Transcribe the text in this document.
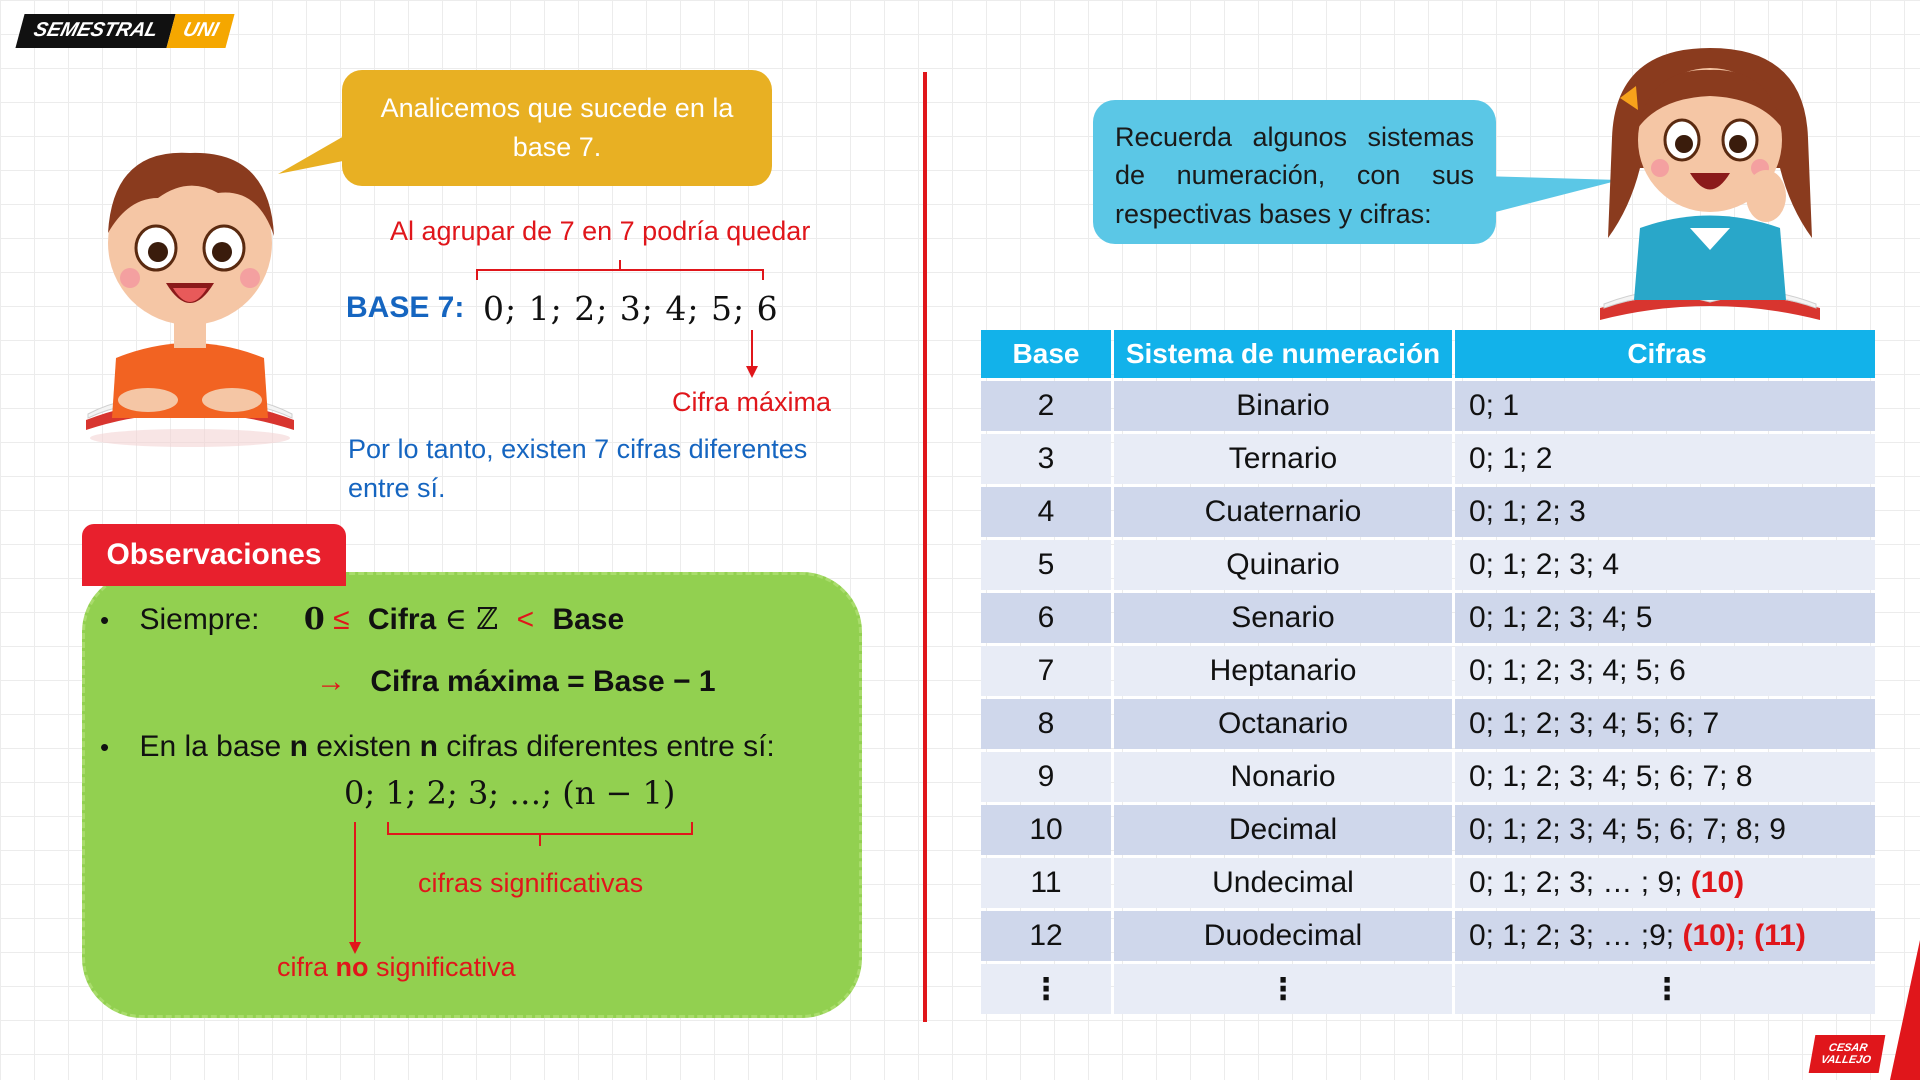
SEMESTRAL	UNI
Analicemos que sucede en la base 7.
Al agrupar de 7 en 7 podría quedar
BASE 7: 0; 1; 2; 3; 4; 5; 6
Cifra máxima
Por lo tanto, existen 7 cifras diferentes entre sí.
Observaciones
• Siempre: 0 ≤ Cifra ∈ ℤ < Base
→ Cifra máxima = Base − 1
• En la base n existen n cifras diferentes entre sí:
0; 1; 2; 3; …; (n − 1)
cifras significativas
cifra no significativa
Recuerda algunos sistemas
de numeración, con sus
respectivas bases y cifras:
Base	Sistema de numeración	Cifras
2	Binario	0; 1
3	Ternario	0; 1; 2
4	Cuaternario	0; 1; 2; 3
5	Quinario	0; 1; 2; 3; 4
6	Senario	0; 1; 2; 3; 4; 5
7	Heptanario	0; 1; 2; 3; 4; 5; 6
8	Octanario	0; 1; 2; 3; 4; 5; 6; 7
9	Nonario	0; 1; 2; 3; 4; 5; 6; 7; 8
10	Decimal	0; 1; 2; 3; 4; 5; 6; 7; 8; 9
11	Undecimal	0; 1; 2; 3; … ; 9; (10)
12	Duodecimal	0; 1; 2; 3; … ;9; (10); (11)
⋮	⋮	⋮
CESAR
VALLEJO
